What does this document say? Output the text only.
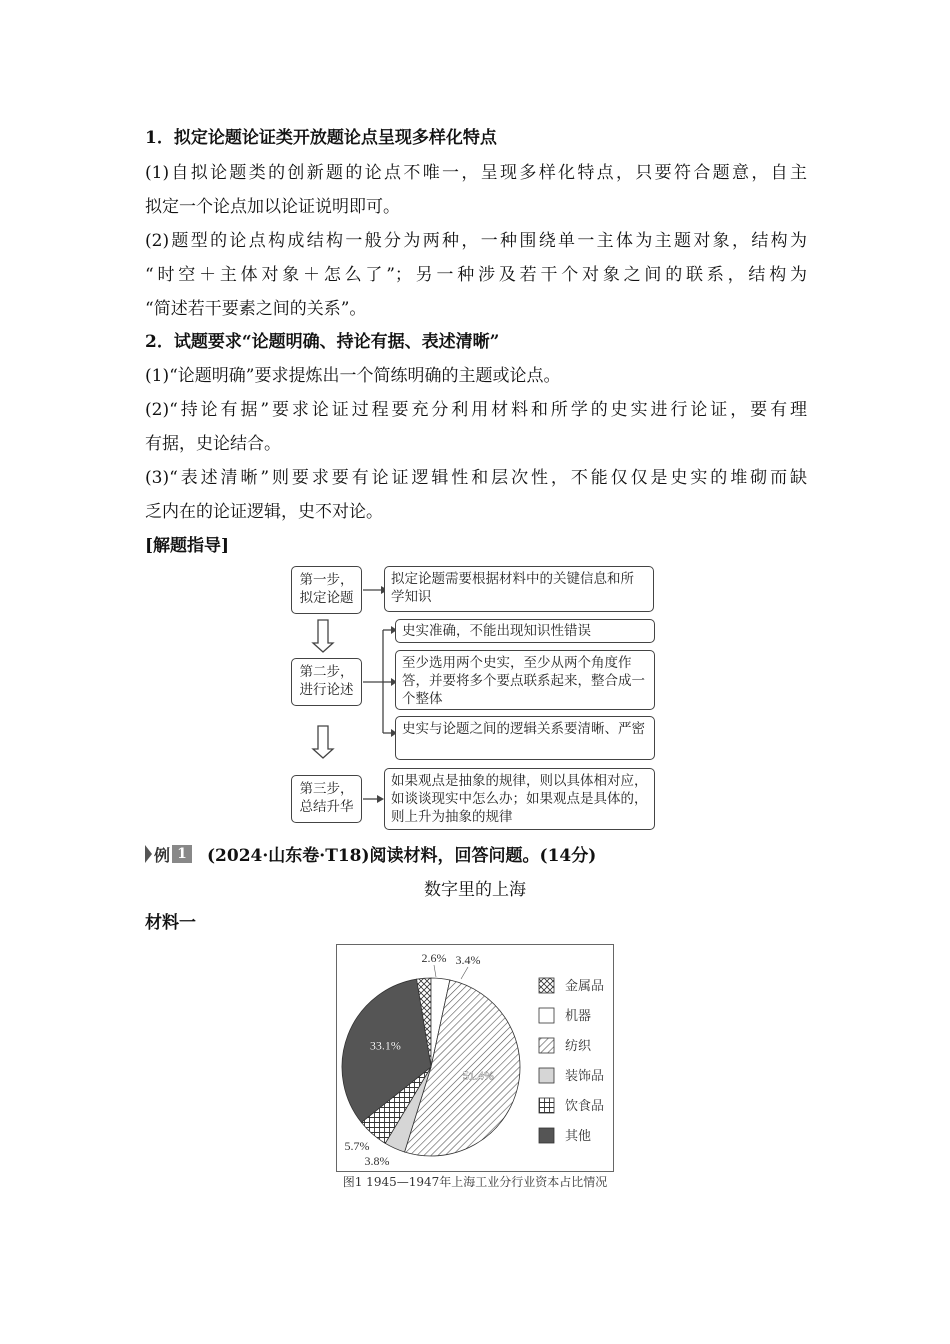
1．拟定论题论证类开放题论点呈现多样化特点
(1)自拟论题类的创新题的论点不唯一，呈现多样化特点，只要符合题意，自主
拟定一个论点加以论证说明即可。
(2)题型的论点构成结构一般分为两种，一种围绕单一主体为主题对象，结构为
“时空＋主体对象＋怎么了”；另一种涉及若干个对象之间的联系，结构为
“简述若干要素之间的关系”。
2．试题要求“论题明确、持论有据、表述清晰”
(1)“论题明确”要求提炼出一个简练明确的主题或论点。
(2)“持论有据”要求论证过程要充分利用材料和所学的史实进行论证，要有理
有据，史论结合。
(3)“表述清晰”则要求要有论证逻辑性和层次性，不能仅仅是史实的堆砌而缺
乏内在的论证逻辑，史不对论。
[解题指导]
第一步，
拟定论题
拟定论题需要根据材料中的关键信息和所学知识
第二步，
进行论述
史实准确，不能出现知识性错误
至少选用两个史实，至少从两个角度作答，并要将多个要点联系起来，整合成一个整体
史实与论题之间的逻辑关系要清晰、严密
第三步，
总结升华
如果观点是抽象的规律，则以具体相对应，如谈谈现实中怎么办；如果观点是具体的，则上升为抽象的规律
例 1	(2024·山东卷·T18)阅读材料，回答问题。(14分)
数字里的上海
材料一
2.6% 3.4%
51.4%
3.8%
5.7%
33.1%
金属品
机器
纺织
装饰品
饮食品
其他
图1 1945—1947年上海工业分行业资本占比情况
